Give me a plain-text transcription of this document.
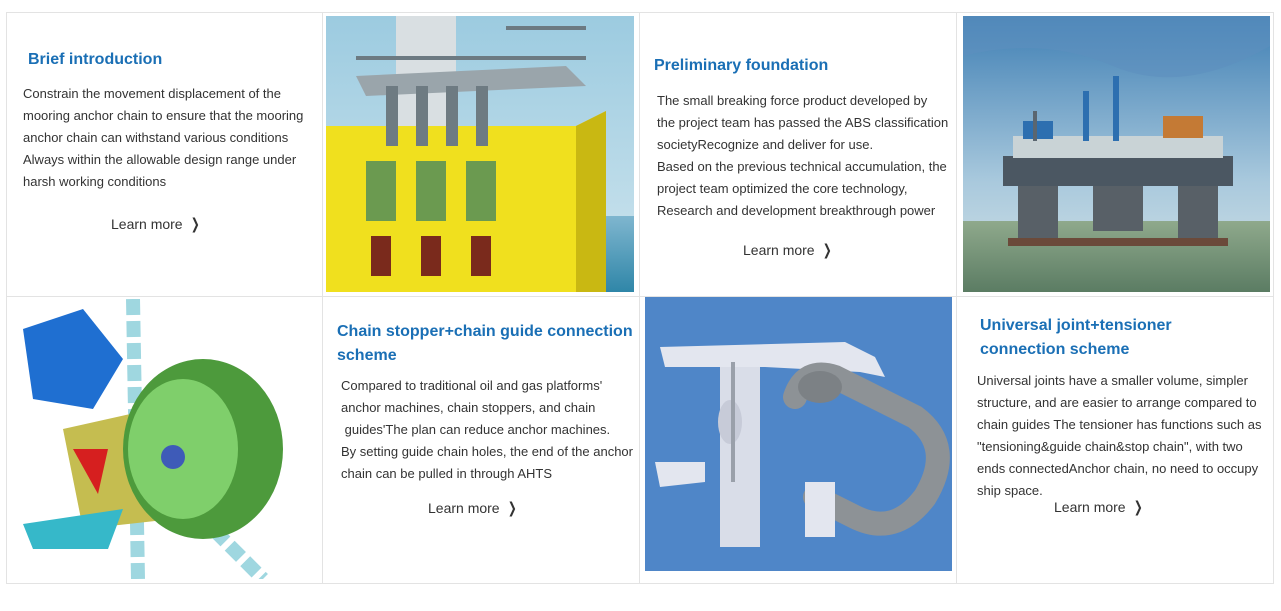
Brief introduction

Constrain the movement displacement of the

mooring anchor chain to ensure that the mooring

anchor chain can withstand various conditions

Always within the allowable design range under

harsh working conditions

Learn more ❯
Preliminary foundation

The small breaking force product developed by

the project team has passed the ABS classification

societyRecognize and deliver for use.

Based on the previous technical accumulation, the

project team optimized the core technology,

Research and development breakthrough power

Learn more ❯
Chain stopper+chain guide connection
scheme

Compared to traditional oil and gas platforms'

anchor machines, chain stoppers, and chain

guides'The plan can reduce anchor machines.

By setting guide chain holes, the end of the anchor

chain can be pulled in through AHTS

Learn more ❯
Universal joint+tensioner
connection scheme

Universal joints have a smaller volume, simpler

structure, and are easier to arrange compared to

chain guides The tensioner has functions such as

"tensioning&guide chain&stop chain", with two

ends connectedAnchor chain, no need to occupy

ship space.

Learn more ❯
